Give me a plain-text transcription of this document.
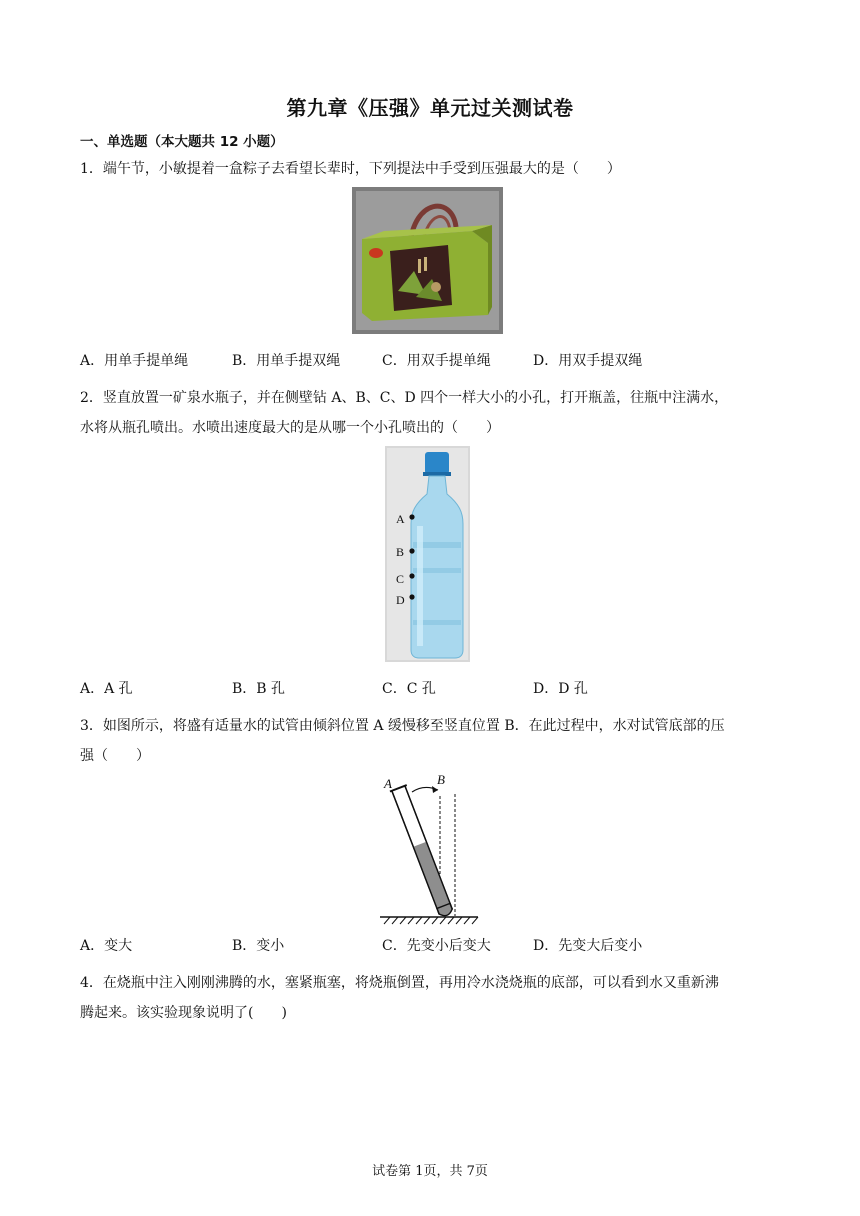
第九章《压强》单元过关测试卷
一、单选题（本大题共 12 小题）
1．端午节，小敏提着一盒粽子去看望长辈时，下列提法中手受到压强最大的是（　　）
A．用单手提单绳	B．用单手提双绳	C．用双手提单绳	D．用双手提双绳
2．竖直放置一矿泉水瓶子，并在侧壁钻 A、B、C、D 四个一样大小的小孔，打开瓶盖，往瓶中注满水，
水将从瓶孔喷出。水喷出速度最大的是从哪一个小孔喷出的（　　）
A
B
C
D
A．A 孔	B．B 孔	C．C 孔	D．D 孔
3．如图所示，将盛有适量水的试管由倾斜位置 A 缓慢移至竖直位置 B．在此过程中，水对试管底部的压
强（　　）
A	B
A．变大	B．变小	C．先变小后变大	D．先变大后变小
4．在烧瓶中注入刚刚沸腾的水，塞紧瓶塞，将烧瓶倒置，再用冷水浇烧瓶的底部，可以看到水又重新沸
腾起来。该实验现象说明了(　　)
试卷第 1页，共 7页
